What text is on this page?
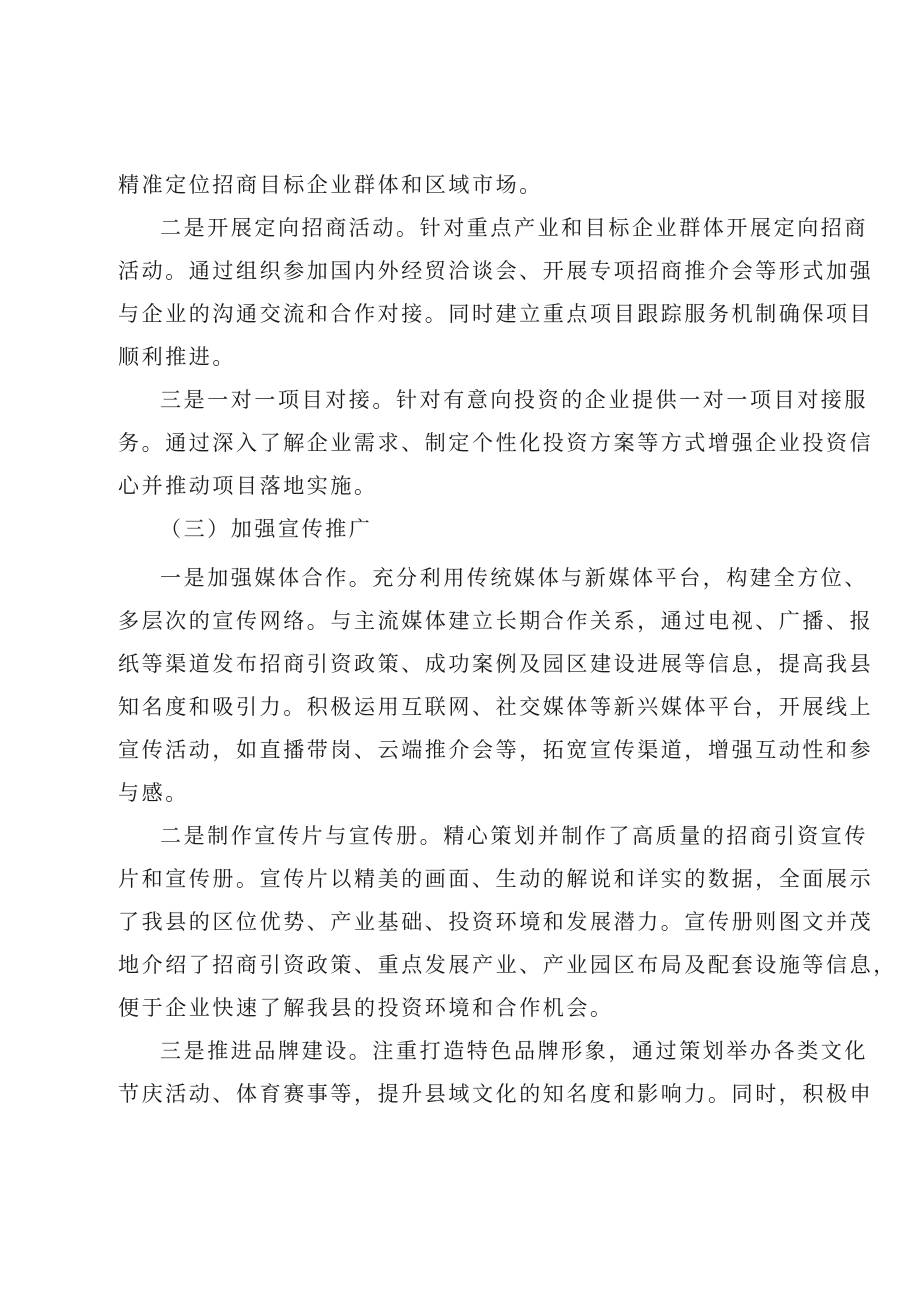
精准定位招商目标企业群体和区域市场。
二是开展定向招商活动。针对重点产业和目标企业群体开展定向招商
活动。通过组织参加国内外经贸洽谈会、开展专项招商推介会等形式加强
与企业的沟通交流和合作对接。同时建立重点项目跟踪服务机制确保项目
顺利推进。
三是一对一项目对接。针对有意向投资的企业提供一对一项目对接服
务。通过深入了解企业需求、制定个性化投资方案等方式增强企业投资信
心并推动项目落地实施。
（三）加强宣传推广
一是加强媒体合作。充分利用传统媒体与新媒体平台，构建全方位、
多层次的宣传网络。与主流媒体建立长期合作关系，通过电视、广播、报
纸等渠道发布招商引资政策、成功案例及园区建设进展等信息，提高我县
知名度和吸引力。积极运用互联网、社交媒体等新兴媒体平台，开展线上
宣传活动，如直播带岗、云端推介会等，拓宽宣传渠道，增强互动性和参
与感。
二是制作宣传片与宣传册。精心策划并制作了高质量的招商引资宣传
片和宣传册。宣传片以精美的画面、生动的解说和详实的数据，全面展示
了我县的区位优势、产业基础、投资环境和发展潜力。宣传册则图文并茂
地介绍了招商引资政策、重点发展产业、产业园区布局及配套设施等信息，
便于企业快速了解我县的投资环境和合作机会。
三是推进品牌建设。注重打造特色品牌形象，通过策划举办各类文化
节庆活动、体育赛事等，提升县域文化的知名度和影响力。同时，积极申
